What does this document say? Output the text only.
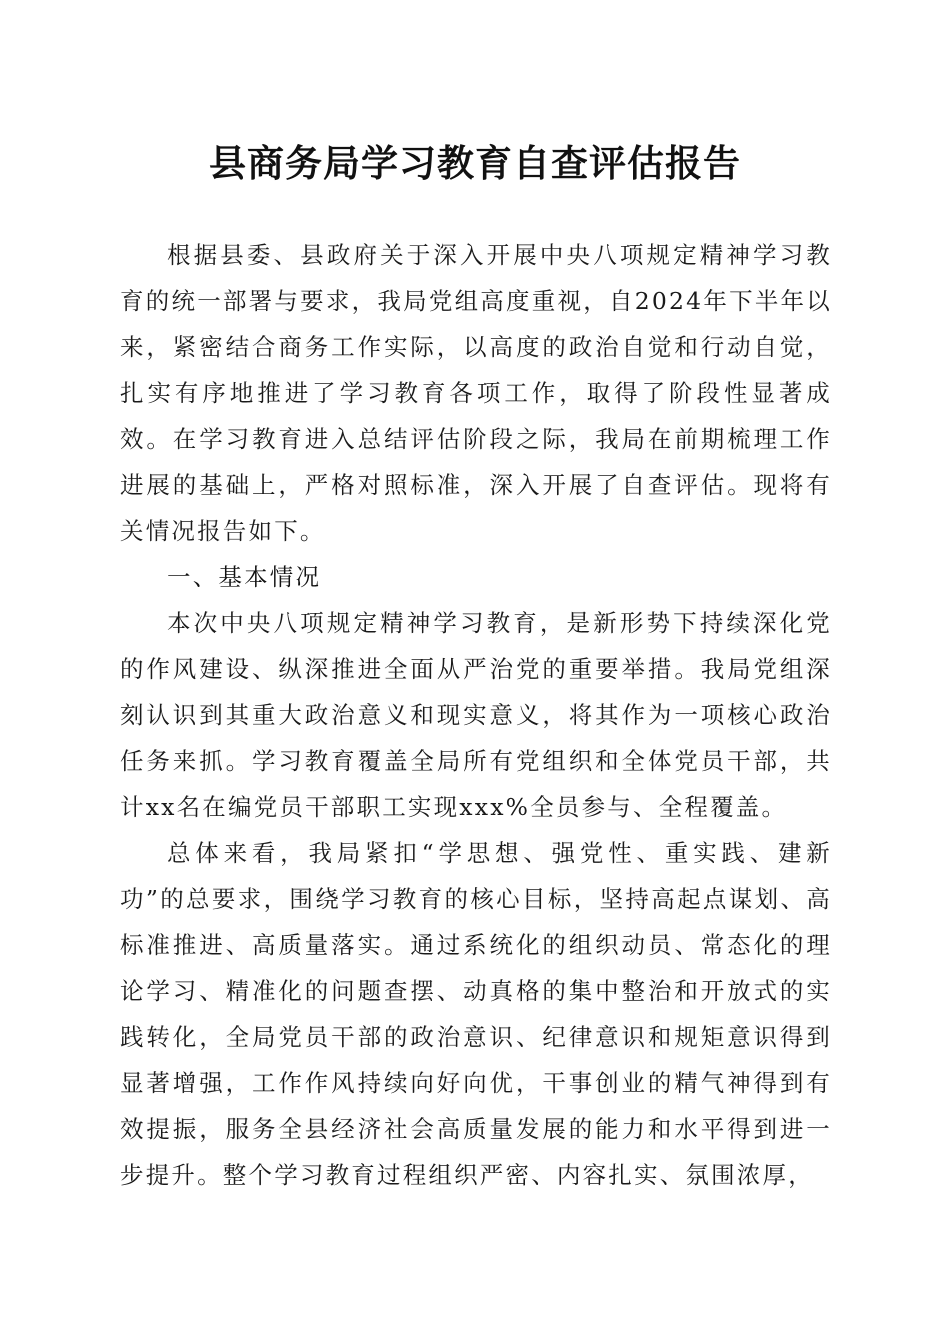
县商务局学习教育自查评估报告

根据县委、县政府关于深入开展中央八项规定精神学习教育的统一部署与要求，我局党组高度重视，自2024年下半年以来，紧密结合商务工作实际，以高度的政治自觉和行动自觉，扎实有序地推进了学习教育各项工作，取得了阶段性显著成效。在学习教育进入总结评估阶段之际，我局在前期梳理工作进展的基础上，严格对照标准，深入开展了自查评估。现将有关情况报告如下。

一、基本情况

本次中央八项规定精神学习教育，是新形势下持续深化党的作风建设、纵深推进全面从严治党的重要举措。我局党组深刻认识到其重大政治意义和现实意义，将其作为一项核心政治任务来抓。学习教育覆盖全局所有党组织和全体党员干部，共计xx名在编党员干部职工实现xxx%全员参与、全程覆盖。

总体来看，我局紧扣“学思想、强党性、重实践、建新功”的总要求，围绕学习教育的核心目标，坚持高起点谋划、高标准推进、高质量落实。通过系统化的组织动员、常态化的理论学习、精准化的问题查摆、动真格的集中整治和开放式的实践转化，全局党员干部的政治意识、纪律意识和规矩意识得到显著增强，工作作风持续向好向优，干事创业的精气神得到有效提振，服务全县经济社会高质量发展的能力和水平得到进一步提升。整个学习教育过程组织严密、内容扎实、氛围浓厚，
